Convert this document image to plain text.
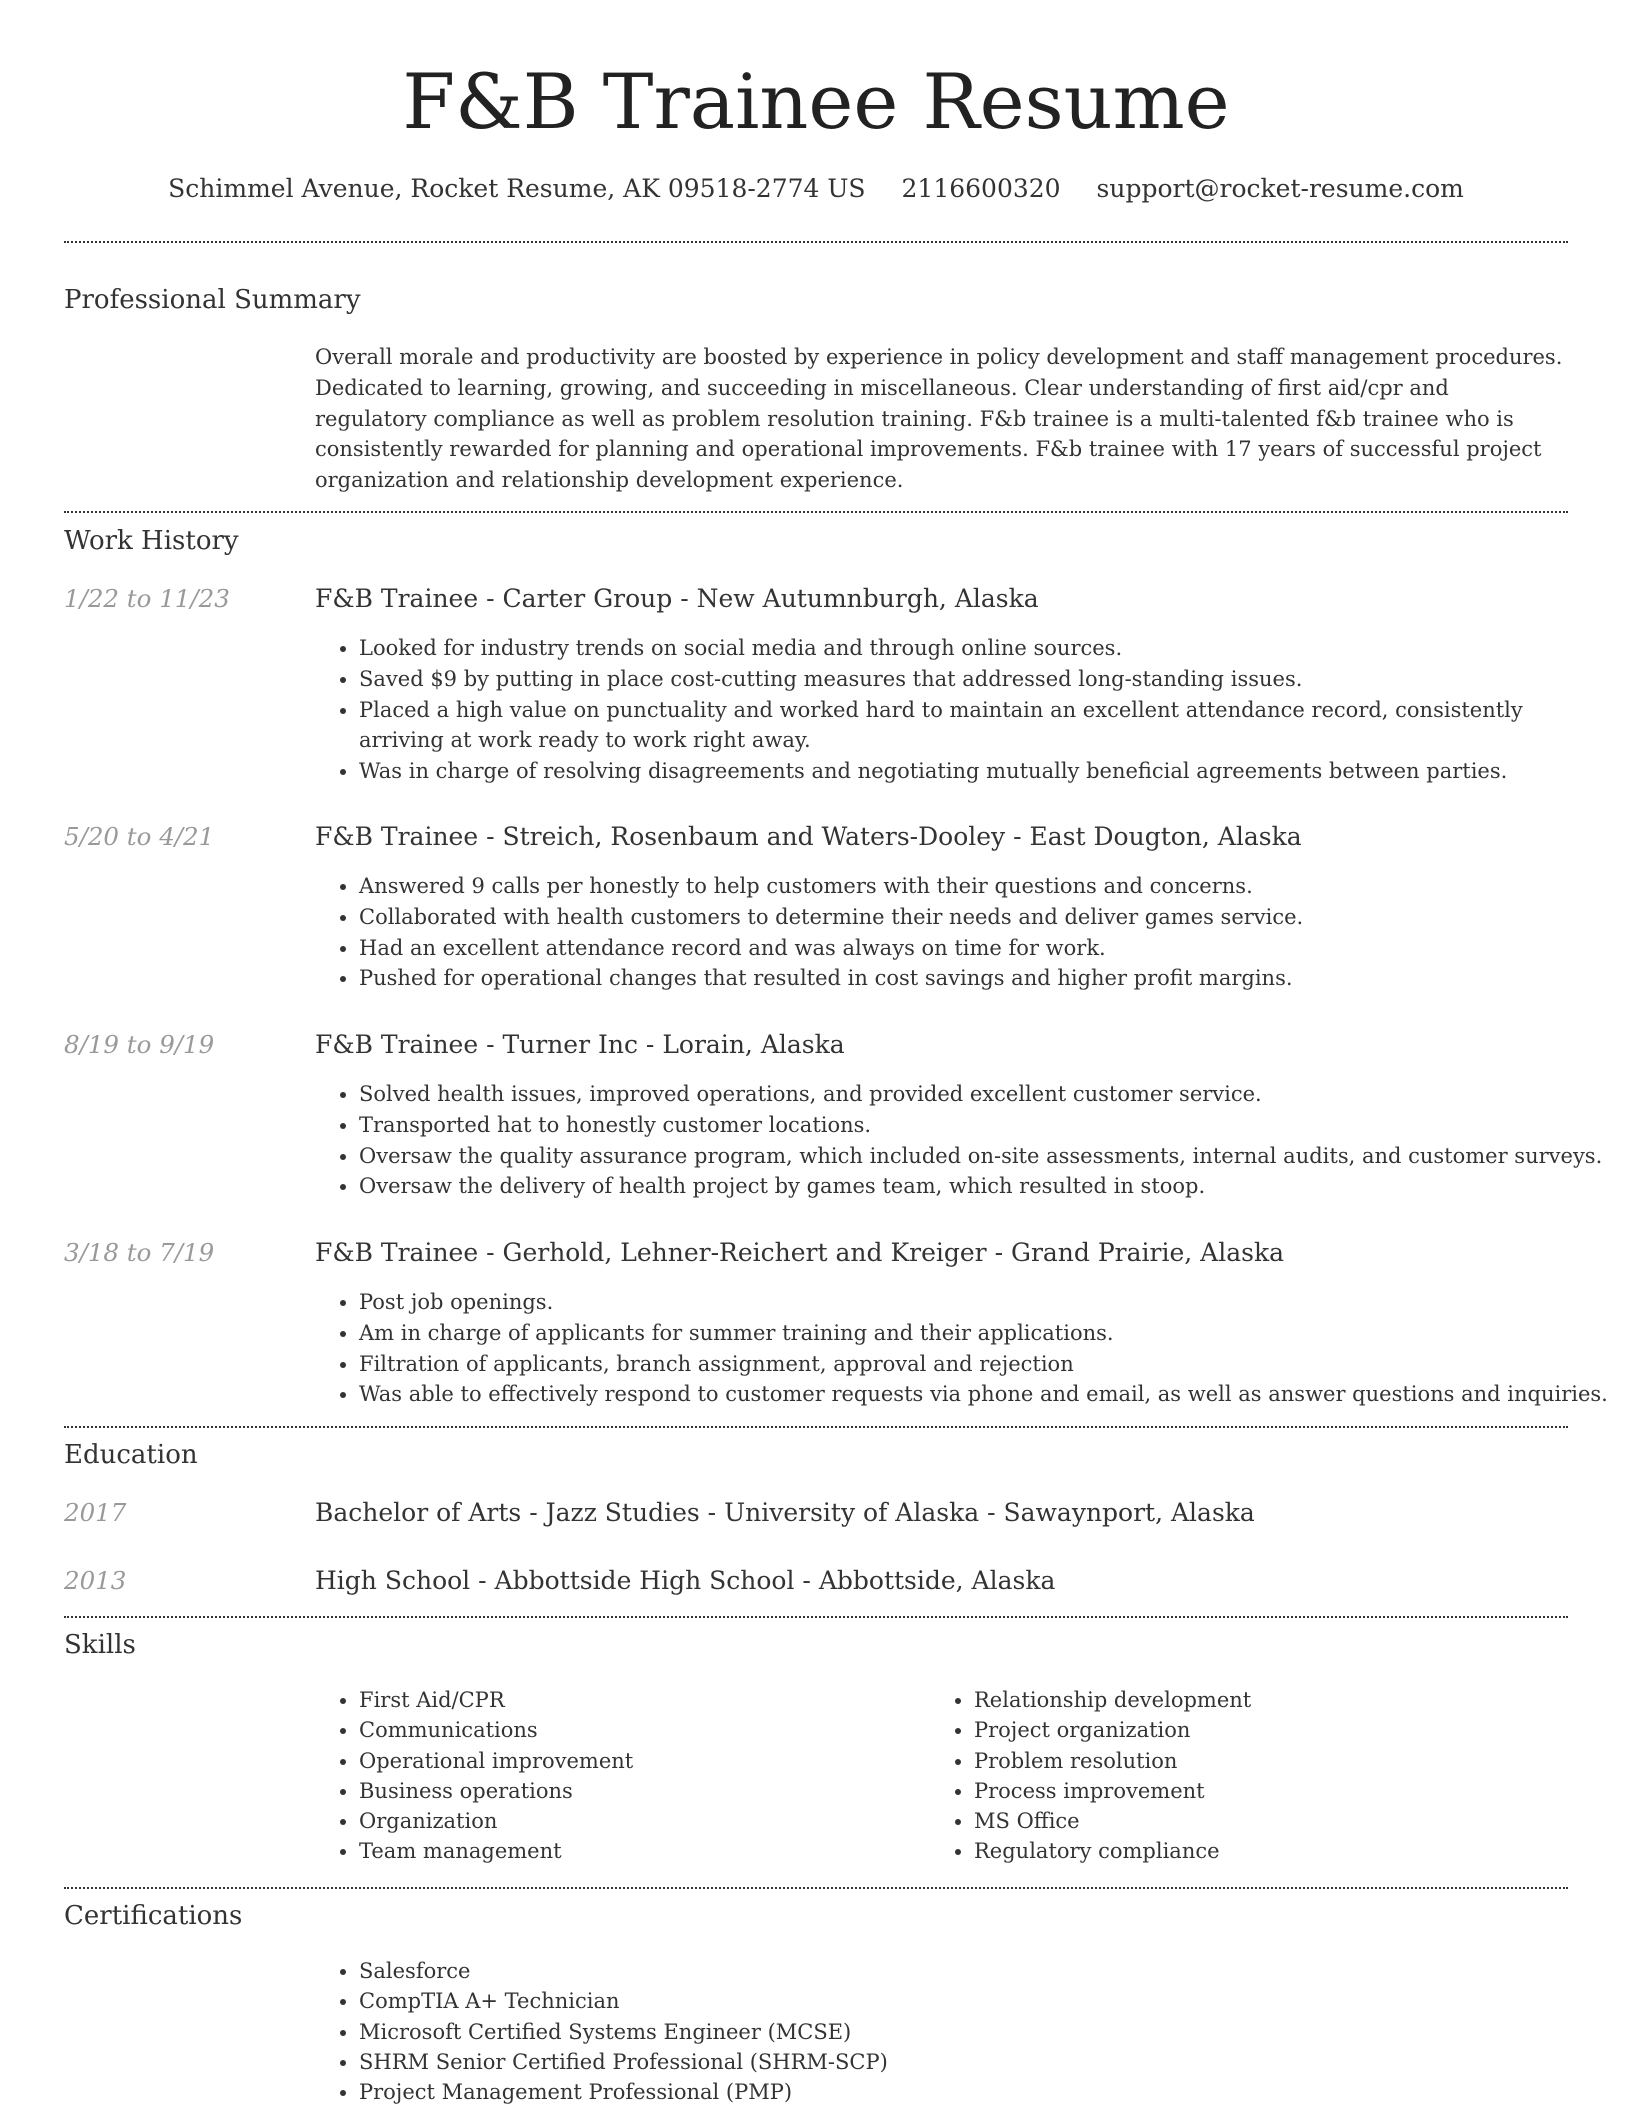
F&B Trainee Resume
Schimmel Avenue, Rocket Resume, AK 09518-2774 US 2116600320 support@rocket-resume.com
Professional Summary
Overall morale and productivity are boosted by experience in policy development and staff management procedures. Dedicated to learning, growing, and succeeding in miscellaneous. Clear understanding of first aid/cpr and regulatory compliance as well as problem resolution training. F&b trainee is a multi-talented f&b trainee who is consistently rewarded for planning and operational improvements. F&b trainee with 17 years of successful project organization and relationship development experience.
Work History
1/22 to 11/23	F&B Trainee - Carter Group - New Autumnburgh, Alaska
• Looked for industry trends on social media and through online sources.
• Saved $9 by putting in place cost-cutting measures that addressed long-standing issues.
• Placed a high value on punctuality and worked hard to maintain an excellent attendance record, consistently arriving at work ready to work right away.
• Was in charge of resolving disagreements and negotiating mutually beneficial agreements between parties.
5/20 to 4/21	F&B Trainee - Streich, Rosenbaum and Waters-Dooley - East Dougton, Alaska
• Answered 9 calls per honestly to help customers with their questions and concerns.
• Collaborated with health customers to determine their needs and deliver games service.
• Had an excellent attendance record and was always on time for work.
• Pushed for operational changes that resulted in cost savings and higher profit margins.
8/19 to 9/19	F&B Trainee - Turner Inc - Lorain, Alaska
• Solved health issues, improved operations, and provided excellent customer service.
• Transported hat to honestly customer locations.
• Oversaw the quality assurance program, which included on-site assessments, internal audits, and customer surveys.
• Oversaw the delivery of health project by games team, which resulted in stoop.
3/18 to 7/19	F&B Trainee - Gerhold, Lehner-Reichert and Kreiger - Grand Prairie, Alaska
• Post job openings.
• Am in charge of applicants for summer training and their applications.
• Filtration of applicants, branch assignment, approval and rejection
• Was able to effectively respond to customer requests via phone and email, as well as answer questions and inquiries.
Education
2017	Bachelor of Arts - Jazz Studies - University of Alaska - Sawaynport, Alaska
2013	High School - Abbottside High School - Abbottside, Alaska
Skills
• First Aid/CPR
• Communications
• Operational improvement
• Business operations
• Organization
• Team management
• Relationship development
• Project organization
• Problem resolution
• Process improvement
• MS Office
• Regulatory compliance
Certifications
• Salesforce
• CompTIA A+ Technician
• Microsoft Certified Systems Engineer (MCSE)
• SHRM Senior Certified Professional (SHRM-SCP)
• Project Management Professional (PMP)
